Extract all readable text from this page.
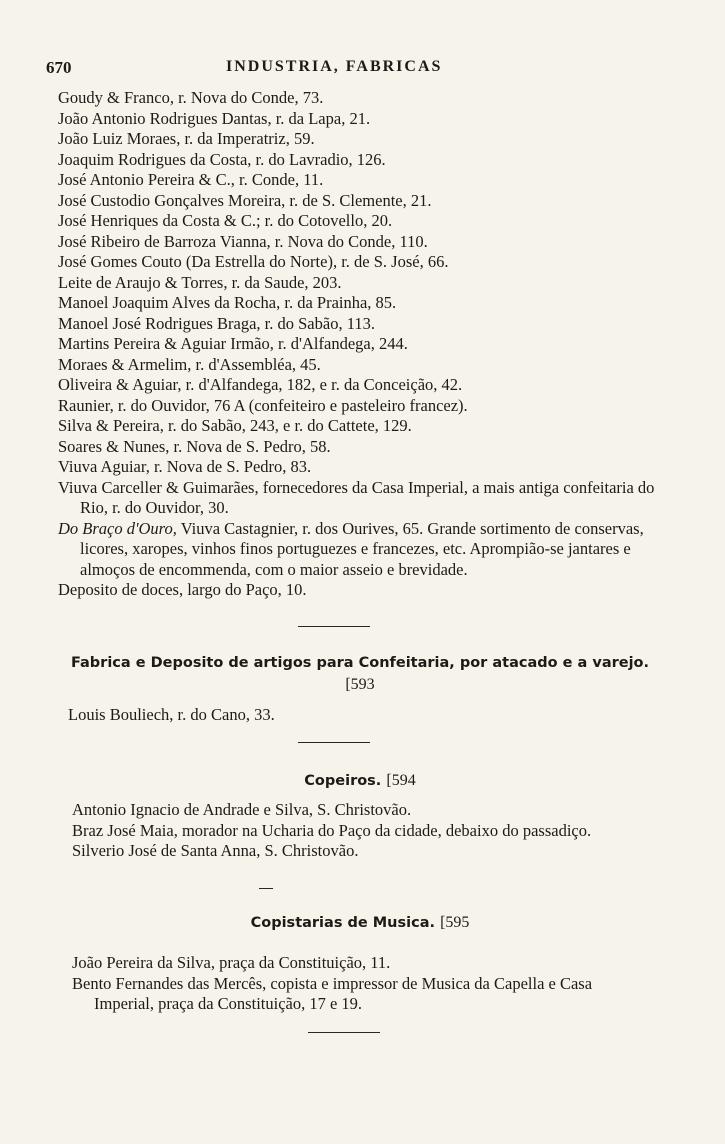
670	INDUSTRIA, FABRICAS

Goudy & Franco, r. Nova do Conde, 73.

João Antonio Rodrigues Dantas, r. da Lapa, 21.

João Luiz Moraes, r. da Imperatriz, 59.

Joaquim Rodrigues da Costa, r. do Lavradio, 126.

José Antonio Pereira & C., r. Conde, 11.

José Custodio Gonçalves Moreira, r. de S. Clemente, 21.

José Henriques da Costa & C.; r. do Cotovello, 20.

José Ribeiro de Barroza Vianna, r. Nova do Conde, 110.

José Gomes Couto (Da Estrella do Norte), r. de S. José, 66.

Leite de Araujo & Torres, r. da Saude, 203.

Manoel Joaquim Alves da Rocha, r. da Prainha, 85.

Manoel José Rodrigues Braga, r. do Sabão, 113.

Martins Pereira & Aguiar Irmão, r. d'Alfandega, 244.

Moraes & Armelim, r. d'Assembléa, 45.

Oliveira & Aguiar, r. d'Alfandega, 182, e r. da Conceição, 42.

Raunier, r. do Ouvidor, 76 A (confeiteiro e pasteleiro francez).

Silva & Pereira, r. do Sabão, 243, e r. do Cattete, 129.

Soares & Nunes, r. Nova de S. Pedro, 58.

Viuva Aguiar, r. Nova de S. Pedro, 83.

Viuva Carceller & Guimarães, fornecedores da Casa Imperial, a mais antiga confeitaria do Rio, r. do Ouvidor, 30.

Do Braço d'Ouro, Viuva Castagnier, r. dos Ourives, 65. Grande sortimento de conservas, licores, xaropes, vinhos finos portuguezes e francezes, etc. Aprompião-se jantares e almoços de encommenda, com o maior asseio e brevidade.

Deposito de doces, largo do Paço, 10.

Fabrica e Deposito de artigos para Confeitaria, por atacado e a varejo. [593

Louis Bouliech, r. do Cano, 33.

Copeiros. [594

Antonio Ignacio de Andrade e Silva, S. Christovão.

Braz José Maia, morador na Ucharia do Paço da cidade, debaixo do passadiço.

Silverio José de Santa Anna, S. Christovão.

Copistarias de Musica. [595

João Pereira da Silva, praça da Constituição, 11.

Bento Fernandes das Mercês, copista e impressor de Musica da Capella e Casa Imperial, praça da Constituição, 17 e 19.
